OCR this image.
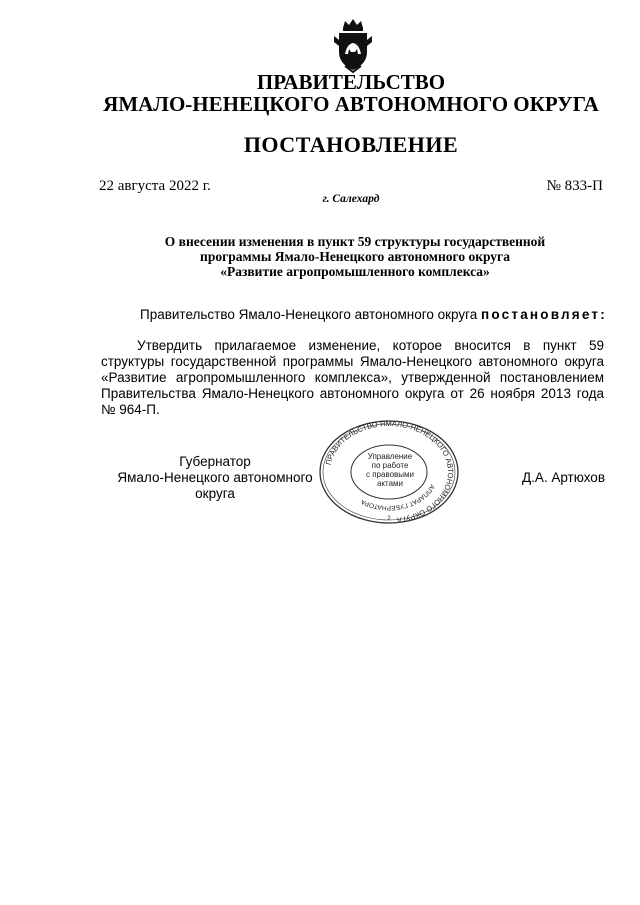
ПРАВИТЕЛЬСТВО
ЯМАЛО-НЕНЕЦКОГО АВТОНОМНОГО ОКРУГА
ПОСТАНОВЛЕНИЕ
22 августа 2022 г.	№ 833-П
г. Салехард
О внесении изменения в пункт 59 структуры государственной
программы Ямало-Ненецкого автономного округа
«Развитие агропромышленного комплекса»
Правительство Ямало-Ненецкого автономного округа постановляет:
Утвердить прилагаемое изменение, которое вносится в пункт 59 структуры государственной программы Ямало-Ненецкого автономного округа «Развитие агропромышленного комплекса», утвержденной постановлением Правительства Ямало-Ненецкого автономного округа от 26 ноября 2013 года № 964-П.
Губернатор
Ямало-Ненецкого автономного округа
Д.А. Артюхов
ПРАВИТЕЛЬСТВО ЯМАЛО-НЕНЕЦКОГО АВТОНОМНОГО ОКРУГА
АППАРАТ ГУБЕРНАТОРА
2
Управление
по работе
с правовыми
актами
